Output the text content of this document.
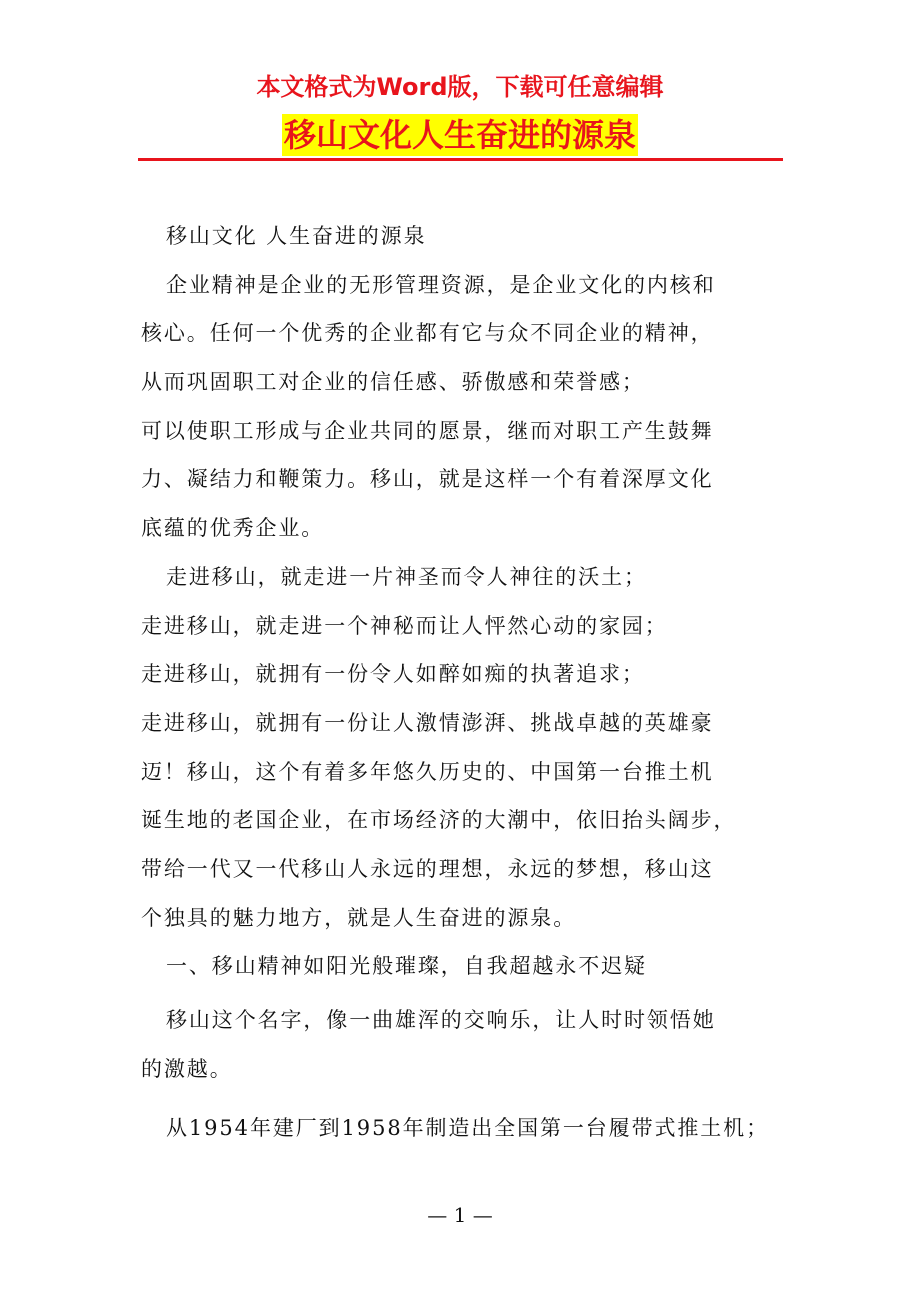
本文格式为Word版，下载可任意编辑
移山文化人生奋进的源泉
移山文化 人生奋进的源泉
企业精神是企业的无形管理资源，是企业文化的内核和
核心。任何一个优秀的企业都有它与众不同企业的精神，
从而巩固职工对企业的信任感、骄傲感和荣誉感；
可以使职工形成与企业共同的愿景，继而对职工产生鼓舞
力、凝结力和鞭策力。移山，就是这样一个有着深厚文化
底蕴的优秀企业。
走进移山，就走进一片神圣而令人神往的沃土；
走进移山，就走进一个神秘而让人怦然心动的家园；
走进移山，就拥有一份令人如醉如痴的执著追求；
走进移山，就拥有一份让人激情澎湃、挑战卓越的英雄豪
迈！移山，这个有着多年悠久历史的、中国第一台推土机
诞生地的老国企业，在市场经济的大潮中，依旧抬头阔步，
带给一代又一代移山人永远的理想，永远的梦想，移山这
个独具的魅力地方，就是人生奋进的源泉。
一、移山精神如阳光般璀璨，自我超越永不迟疑
移山这个名字，像一曲雄浑的交响乐，让人时时领悟她
的激越。
从1954年建厂到1958年制造出全国第一台履带式推土机；
— 1 —
